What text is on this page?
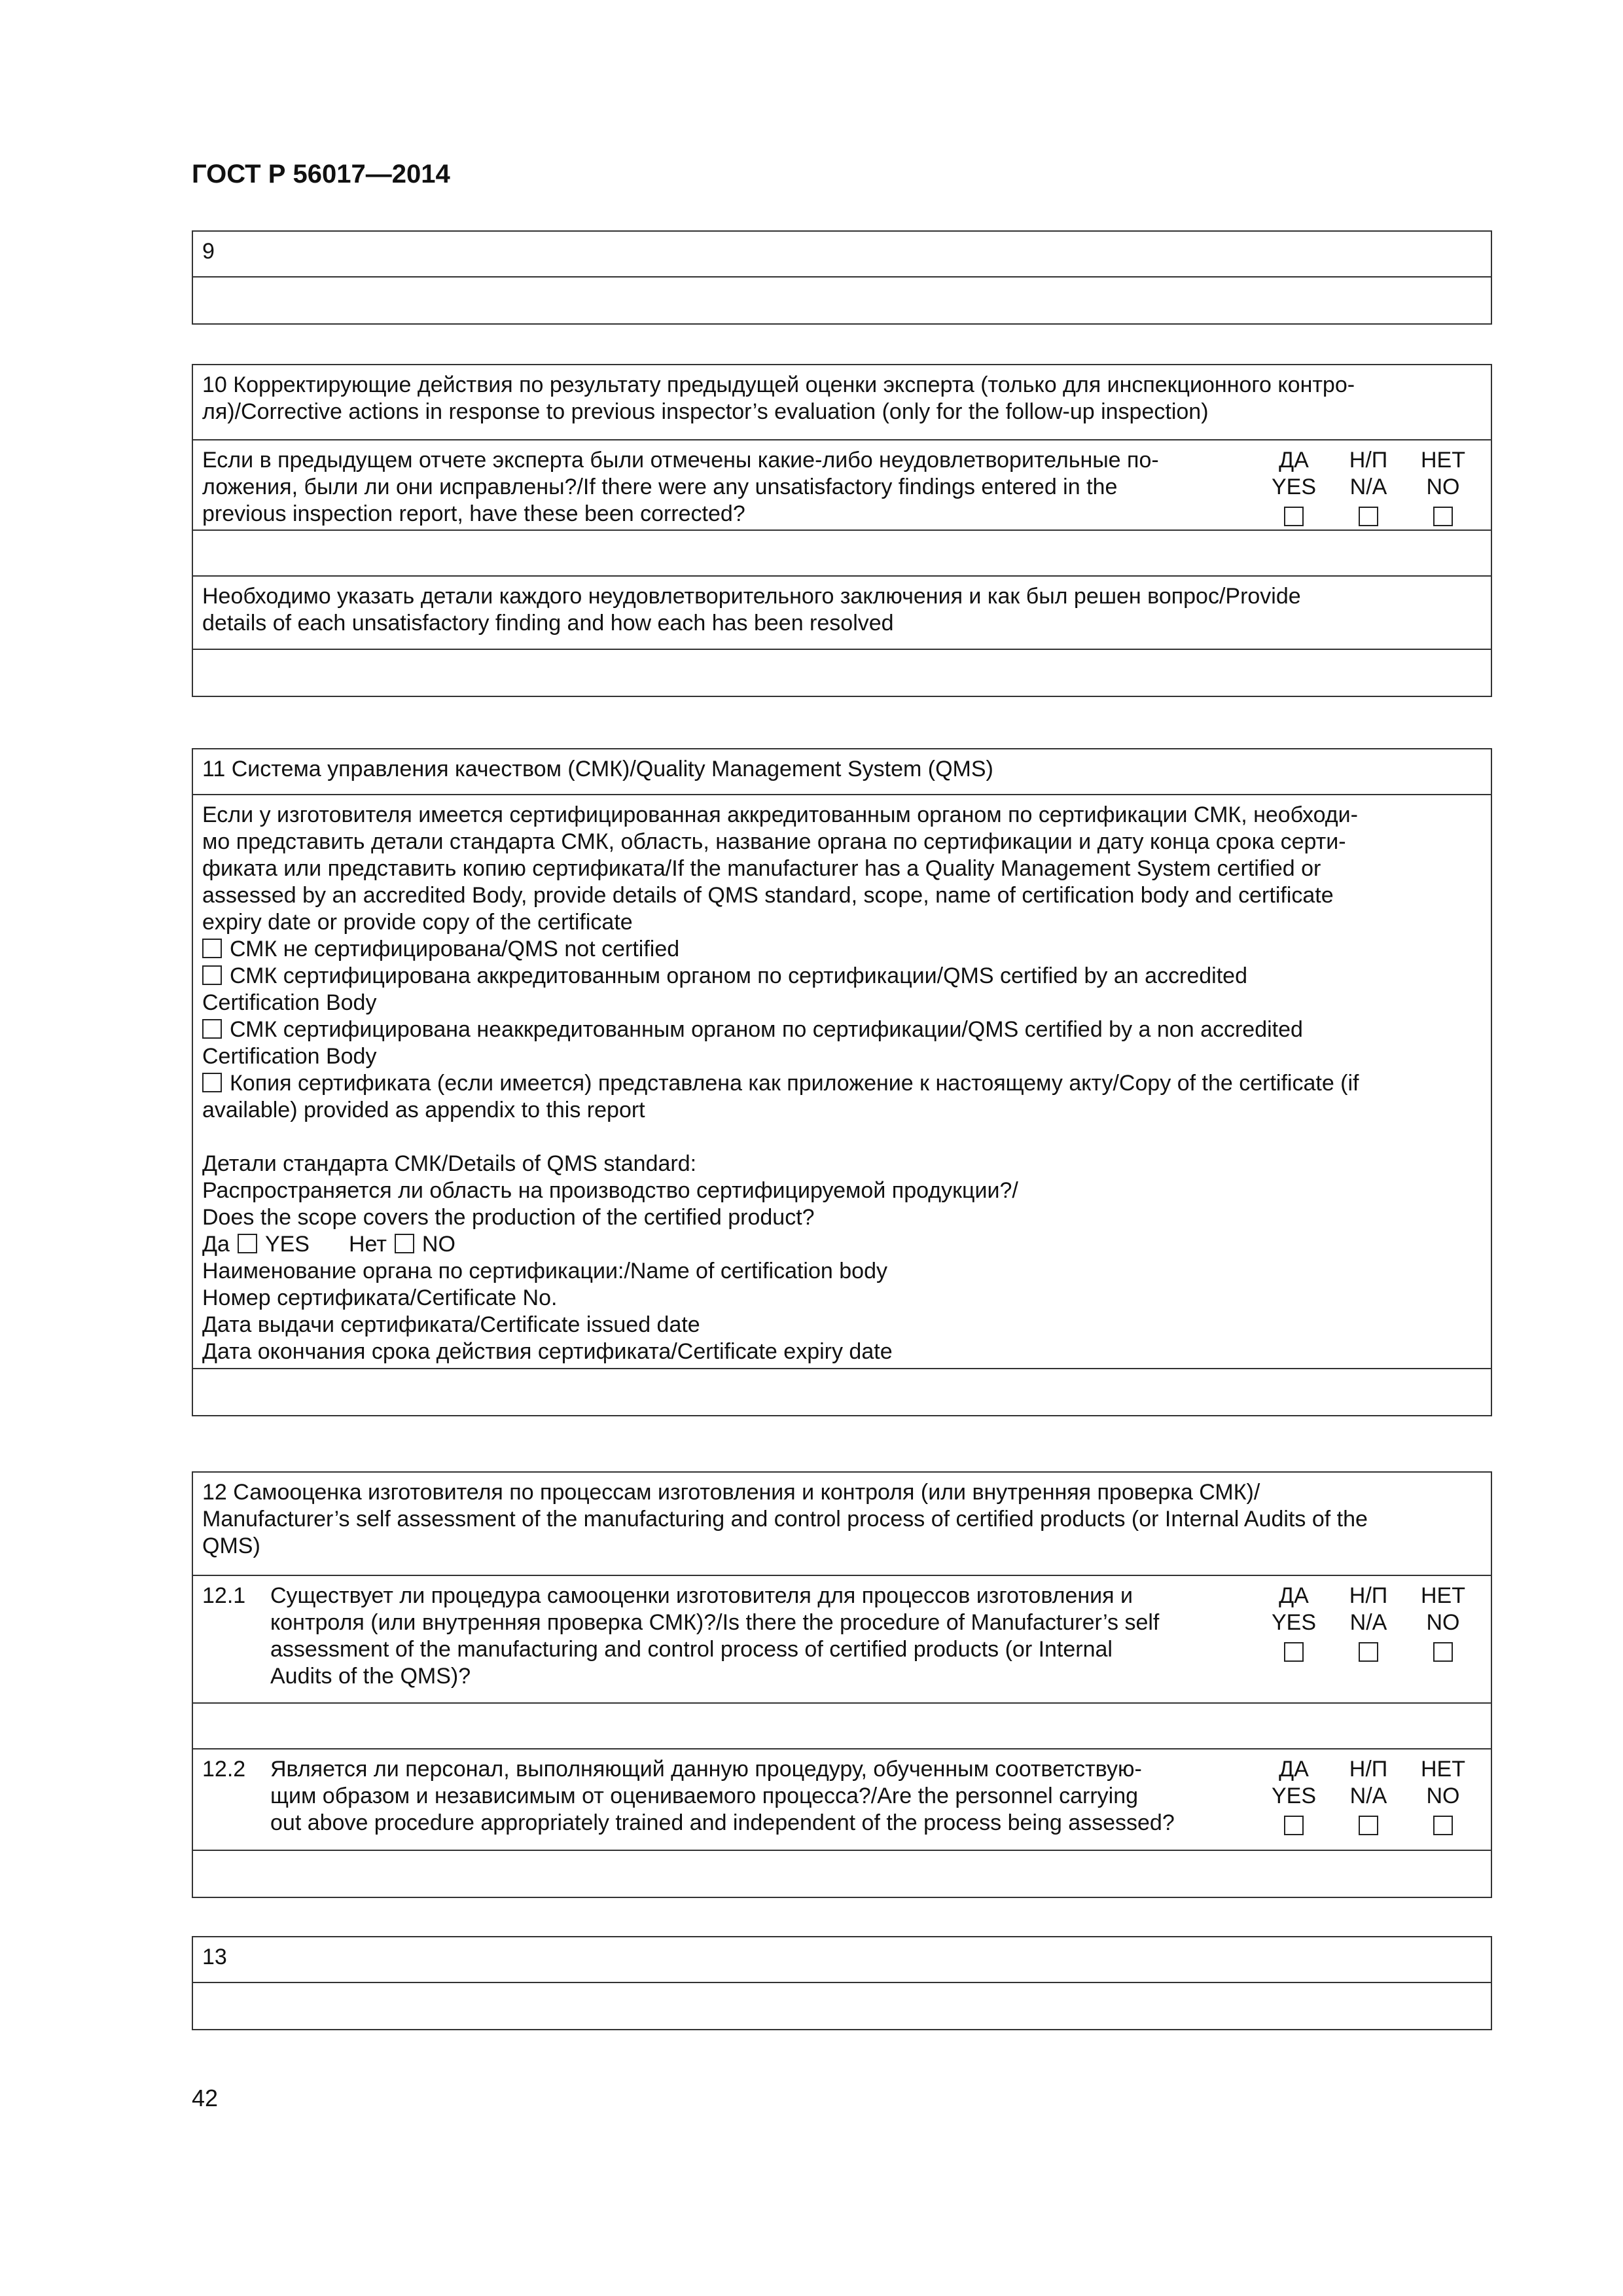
ГОСТ Р 56017—2014
9
10 Корректирующие действия по результату предыдущей оценки эксперта (только для инспекционного контро-
ля)/Corrective actions in response to previous inspector’s evaluation (only for the follow-up inspection)
Если в предыдущем отчете эксперта были отмечены какие-либо неудовлетворительные по-
ложения, были ли они исправлены?/If there were any unsatisfactory findings entered in the
previous inspection report, have these been corrected?
ДА
YES
Н/П
N/A
НЕТ
NO
Необходимо указать детали каждого неудовлетворительного заключения и как был решен вопрос/Provide
details of each unsatisfactory finding and how each has been resolved
11 Система управления качеством (СМК)/Quality Management System (QMS)
Если у изготовителя имеется сертифицированная аккредитованным органом по сертификации СМК, необходи-
мо представить детали стандарта СМК, область, название органа по сертификации и дату конца срока серти-
фиката или представить копию сертификата/If the manufacturer has a Quality Management System certified or
assessed by an accredited Body, provide details of QMS standard, scope, name of certification body and certificate
expiry date or provide copy of the certificate
СМК не сертифицирована/QMS not certified
СМК сертифицирована аккредитованным органом по сертификации/QMS certified by an accredited
Certification Body
СМК сертифицирована неаккредитованным органом по сертификации/QMS certified by a non accredited
Certification Body
Копия сертификата (если имеется) представлена как приложение к настоящему акту/Copy of the certificate (if
available) provided as appendix to this report
Детали стандарта СМК/Details of QMS standard:
Распространяется ли область на производство сертифицируемой продукции?/
Does the scope covers the production of the certified product?
Да YES Нет NO
Наименование органа по сертификации:/Name of certification body
Номер сертификата/Certificate No.
Дата выдачи сертификата/Certificate issued date
Дата окончания срока действия сертификата/Certificate expiry date
12 Самооценка изготовителя по процессам изготовления и контроля (или внутренняя проверка СМК)/
Manufacturer’s self assessment of the manufacturing and control process of certified products (or Internal Audits of the
QMS)
12.1	Существует ли процедура самооценки изготовителя для процессов изготовления и
контроля (или внутренняя проверка СМК)?/Is there the procedure of Manufacturer’s self
assessment of the manufacturing and control process of certified products (or Internal
Audits of the QMS)?
ДА
YES
Н/П
N/A
НЕТ
NO
12.2	Является ли персонал, выполняющий данную процедуру, обученным соответствую-
щим образом и независимым от оцениваемого процесса?/Are the personnel carrying
out above procedure appropriately trained and independent of the process being assessed?
ДА
YES
Н/П
N/A
НЕТ
NO
13
42
